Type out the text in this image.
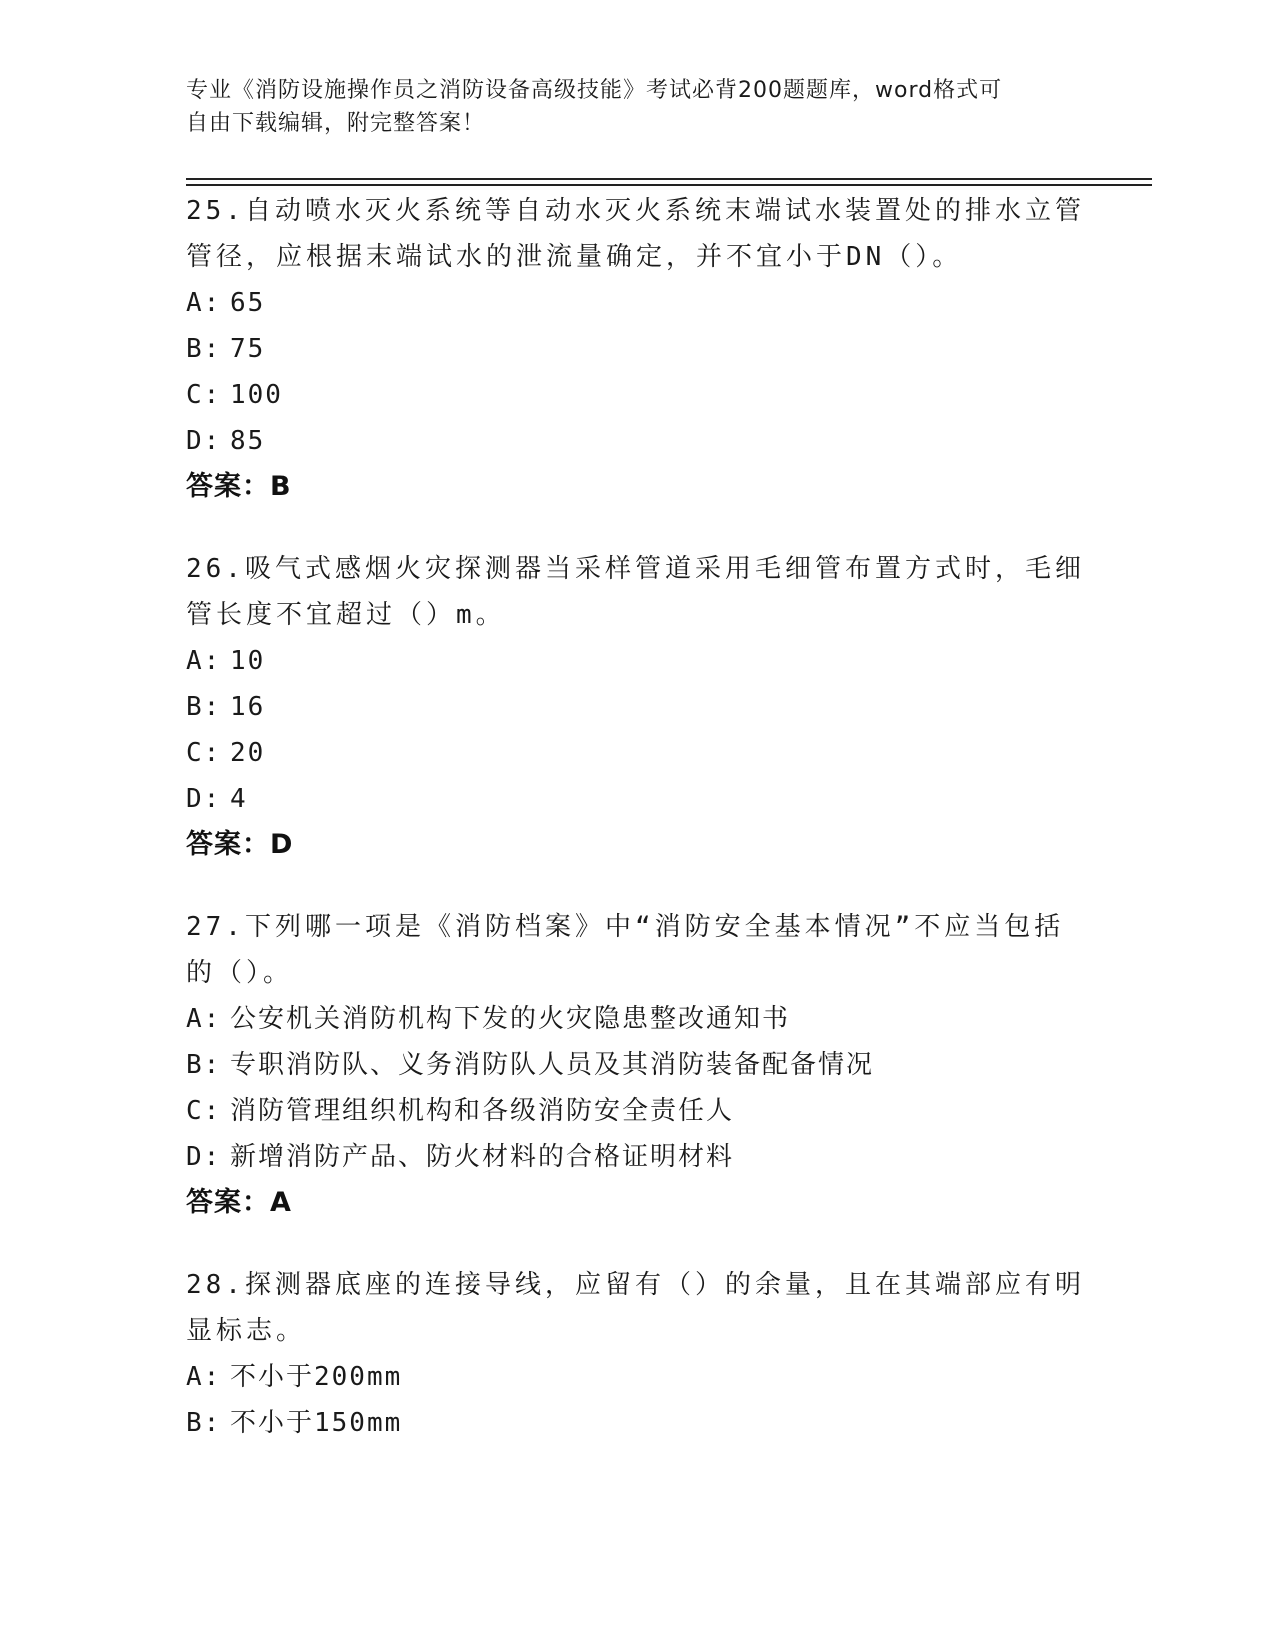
专业《消防设施操作员之消防设备高级技能》考试必背200题题库，word格式可
自由下载编辑，附完整答案！

25.自动喷水灭火系统等自动水灭火系统末端试水装置处的排水立管管径，应根据末端试水的泄流量确定，并不宜小于DN（）。

A: 65
B: 75
C: 100
D: 85
答案：B

26.吸气式感烟火灾探测器当采样管道采用毛细管布置方式时，毛细管长度不宜超过（）m。

A: 10
B: 16
C: 20
D: 4
答案：D

27.下列哪一项是《消防档案》中“消防安全基本情况”不应当包括的（）。

A: 公安机关消防机构下发的火灾隐患整改通知书
B: 专职消防队、义务消防队人员及其消防装备配备情况
C: 消防管理组织机构和各级消防安全责任人
D: 新增消防产品、防火材料的合格证明材料
答案：A

28.探测器底座的连接导线，应留有（）的余量，且在其端部应有明显标志。

A: 不小于200mm
B: 不小于150mm
